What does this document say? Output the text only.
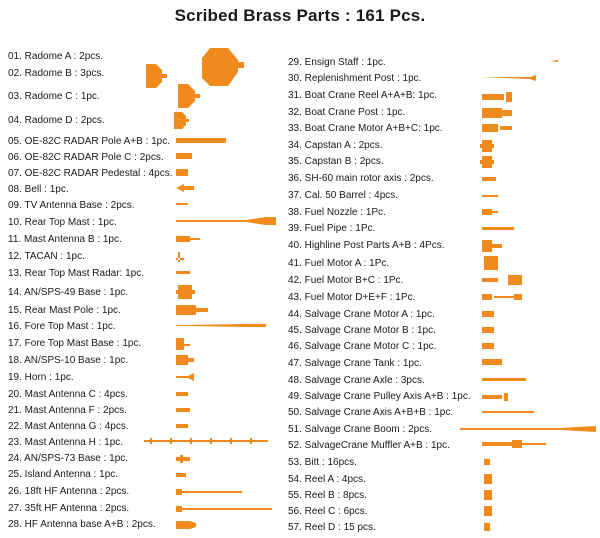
Scribed Brass Parts : 161 Pcs.
01. Radome A : 2pcs.
02. Radome B : 3pcs.
03. Radome C : 1pc.
04. Radome D : 2pcs.
05. OE-82C RADAR Pole A+B : 1pc.
06. OE-82C RADAR Pole C : 2pcs.
07. OE-82C RADAR Pedestal : 4pcs.
08. Bell : 1pc.
09. TV Antenna Base : 2pcs.
10. Rear Top Mast : 1pc.
11. Mast Antenna B : 1pc.
12. TACAN : 1pc.
13. Rear Top Mast Radar: 1pc.
14. AN/SPS-49 Base : 1pc.
15. Rear Mast Pole : 1pc.
16. Fore Top Mast : 1pc.
17. Fore Top Mast Base : 1pc.
18. AN/SPS-10 Base : 1pc.
19. Horn : 1pc.
20. Mast Antenna C : 4pcs.
21. Mast Antenna F : 2pcs.
22. Mast Antenna G : 4pcs.
23. Mast Antenna H : 1pc.
24. AN/SPS-73 Base : 1pc.
25. Island Antenna : 1pc.
26. 18ft HF Antenna : 2pcs.
27. 35ft HF Antenna : 2pcs.
28. HF Antenna base A+B : 2pcs.
29. Ensign Staff : 1pc.
30. Replenishment Post : 1pc.
31. Boat Crane Reel A+A+B: 1pc.
32. Boat Crane Post : 1pc.
33. Boat Crane Motor A+B+C: 1pc.
34. Capstan A : 2pcs.
35. Capstan B : 2pcs.
36. SH-60 main rotor axis : 2pcs.
37. Cal. 50 Barrel : 4pcs.
38. Fuel Nozzle : 1Pc.
39. Fuel Pipe : 1Pc.
40. Highline Post Parts A+B : 4Pcs.
41. Fuel Motor A : 1Pc.
42. Fuel Motor B+C : 1Pc.
43. Fuel Motor D+E+F : 1Pc.
44. Salvage Crane Motor A : 1pc.
45. Salvage Crane Motor B : 1pc.
46. Salvage Crane Motor C : 1pc.
47. Salvage Crane Tank : 1pc.
48. Salvage Crane Axle : 3pcs.
49. Salvage Crane Pulley Axis A+B : 1pc.
50. Salvage Crane Axis A+B+B : 1pc.
51. Salvage Crane Boom : 2pcs.
52. SalvageCrane Muffler A+B : 1pc.
53. Bitt : 16pcs.
54. Reel A : 4pcs.
55. Reel B : 8pcs.
56. Reel C : 6pcs.
57. Reel D : 15 pcs.
